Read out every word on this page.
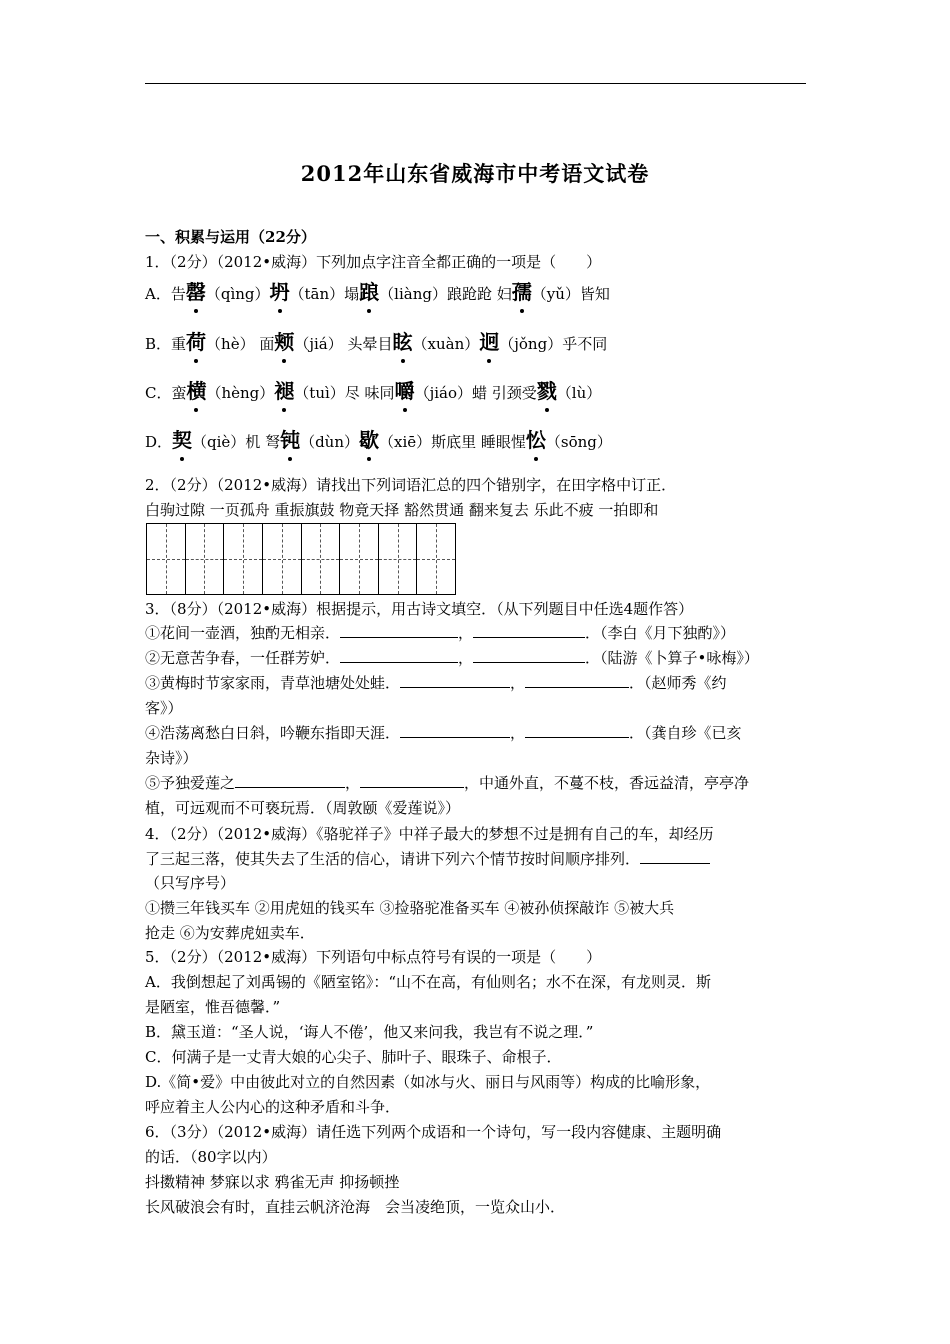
2012年山东省威海市中考语文试卷
一、积累与运用（22分）
1．（2分）（2012•威海）下列加点字注音全都正确的一项是（　　）
A．告罄（qìng）坍（tān）塌踉（liàng）踉跄跄 妇孺（yǔ）皆知
B．重荷（hè） 面颊（jiá） 头晕目眩（xuàn）迥（jǒng）乎不同
C．蛮横（hèng）褪（tuì）尽 味同嚼（jiáo）蜡 引颈受戮（lù）
D．契（qiè）机 弩钝（dùn）歇（xiē）斯底里 睡眼惺忪（sōng）
2．（2分）（2012•威海）请找出下列词语汇总的四个错别字，在田字格中订正．
白驹过隙 一页孤舟 重振旗鼓 物竟天择 豁然贯通 翻来复去 乐此不疲 一拍即和
3．（8分）（2012•威海）根据提示，用古诗文填空．（从下列题目中任选4题作答）
①花间一壶酒，独酌无相亲．	，	．（李白《月下独酌》）
②无意苦争春，一任群芳妒．	，	．（陆游《卜算子•咏梅》）
③黄梅时节家家雨，青草池塘处处蛙．	，	．（赵师秀《约
客》）
④浩荡离愁白日斜，吟鞭东指即天涯．	，	．（龚自珍《已亥
杂诗》）
⑤予独爱莲之	，	，中通外直，不蔓不枝，香远益清，亭亭净
植，可远观而不可亵玩焉．（周敦颐《爱莲说》）
4．（2分）（2012•威海）《骆驼祥子》中祥子最大的梦想不过是拥有自己的车，却经历
了三起三落，使其失去了生活的信心，请讲下列六个情节按时间顺序排列．
（只写序号）
①攒三年钱买车 ②用虎妞的钱买车 ③捡骆驼准备买车 ④被孙侦探敲诈 ⑤被大兵
抢走 ⑥为安葬虎妞卖车．
5．（2分）（2012•威海）下列语句中标点符号有误的一项是（　　）
A．我倒想起了刘禹锡的《陋室铭》：“山不在高，有仙则名；水不在深，有龙则灵．斯
是陋室，惟吾德馨．”
B．黛玉道：“圣人说，‘诲人不倦’，他又来问我，我岂有不说之理．”
C．何满子是一丈青大娘的心尖子、肺叶子、眼珠子、命根子．
D.《简•爱》中由彼此对立的自然因素（如冰与火、丽日与风雨等）构成的比喻形象，
呼应着主人公内心的这种矛盾和斗争．
6．（3分）（2012•威海）请任选下列两个成语和一个诗句，写一段内容健康、主题明确
的话．（80字以内）
抖擞精神 梦寐以求 鸦雀无声 抑扬顿挫
长风破浪会有时，直挂云帆济沧海　会当凌绝顶，一览众山小．
